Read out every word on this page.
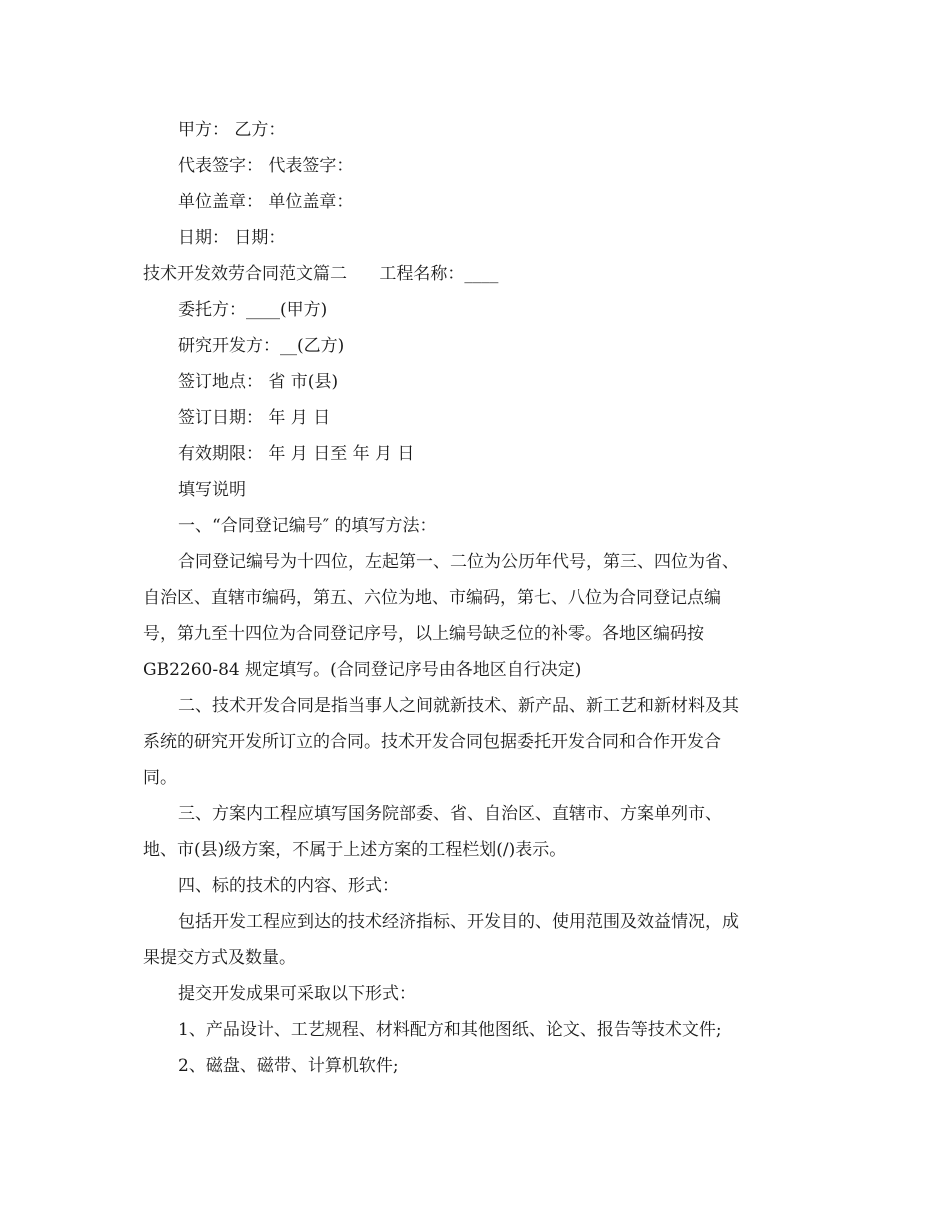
甲方： 乙方：
代表签字： 代表签字：
单位盖章： 单位盖章：
日期： 日期：
技术开发效劳合同范文篇二      工程名称：____
委托方：____(甲方)
研究开发方：__(乙方)
签订地点： 省 市(县)
签订日期： 年 月 日
有效期限： 年 月 日至 年 月 日
填写说明
一、“合同登记编号″ 的填写方法：
合同登记编号为十四位，左起第一、二位为公历年代号，第三、四位为省、
自治区、直辖市编码，第五、六位为地、市编码，第七、八位为合同登记点编
号，第九至十四位为合同登记序号，以上编号缺乏位的补零。各地区编码按
GB2260-84 规定填写。(合同登记序号由各地区自行决定)
二、技术开发合同是指当事人之间就新技术、新产品、新工艺和新材料及其
系统的研究开发所订立的合同。技术开发合同包据委托开发合同和合作开发合
同。
三、方案内工程应填写国务院部委、省、自治区、直辖市、方案单列市、
地、市(县)级方案，不属于上述方案的工程栏划(/)表示。
四、标的技术的内容、形式：
包括开发工程应到达的技术经济指标、开发目的、使用范围及效益情况，成
果提交方式及数量。
提交开发成果可采取以下形式：
1、产品设计、工艺规程、材料配方和其他图纸、论文、报告等技术文件;
2、磁盘、磁带、计算机软件;
